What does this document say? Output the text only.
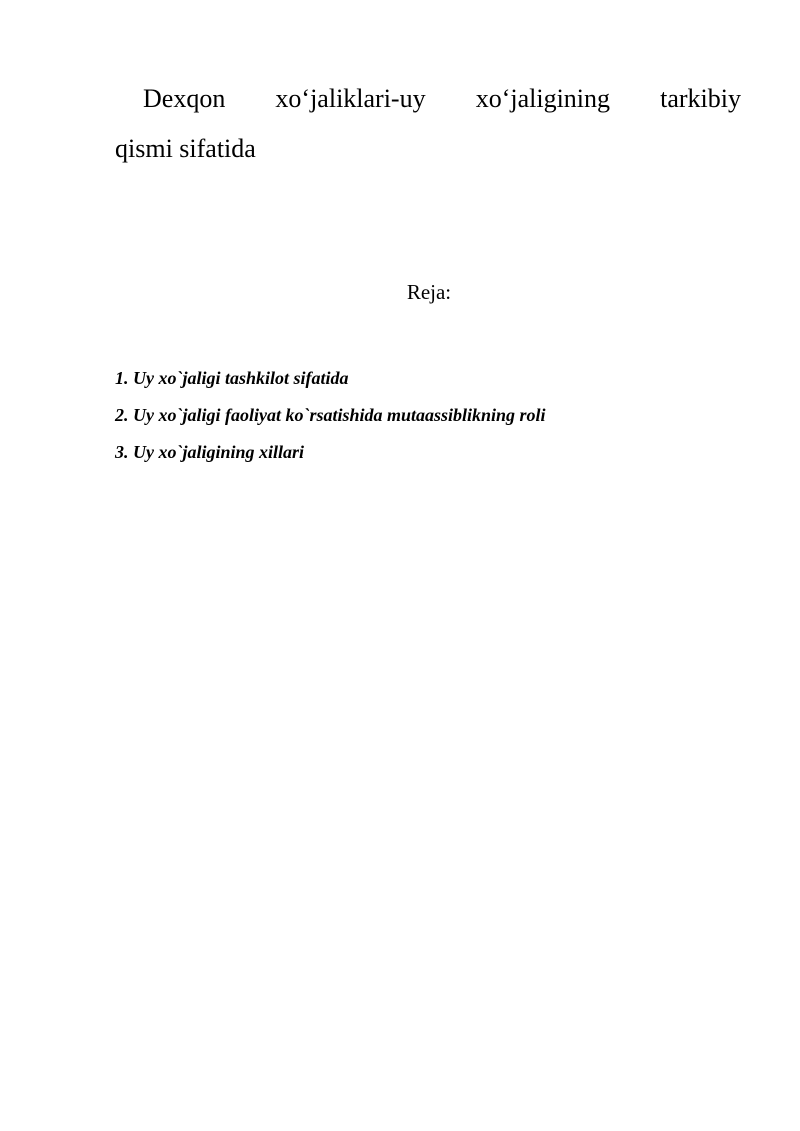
Dexqon xo‘jaliklari-uy xo‘jaligining tarkibiy
qismi sifatida

Reja:

1. Uy xo`jaligi tashkilot sifatida
2. Uy xo`jaligi faoliyat ko`rsatishida mutaassiblikning roli
3. Uy xo`jaligining xillari
